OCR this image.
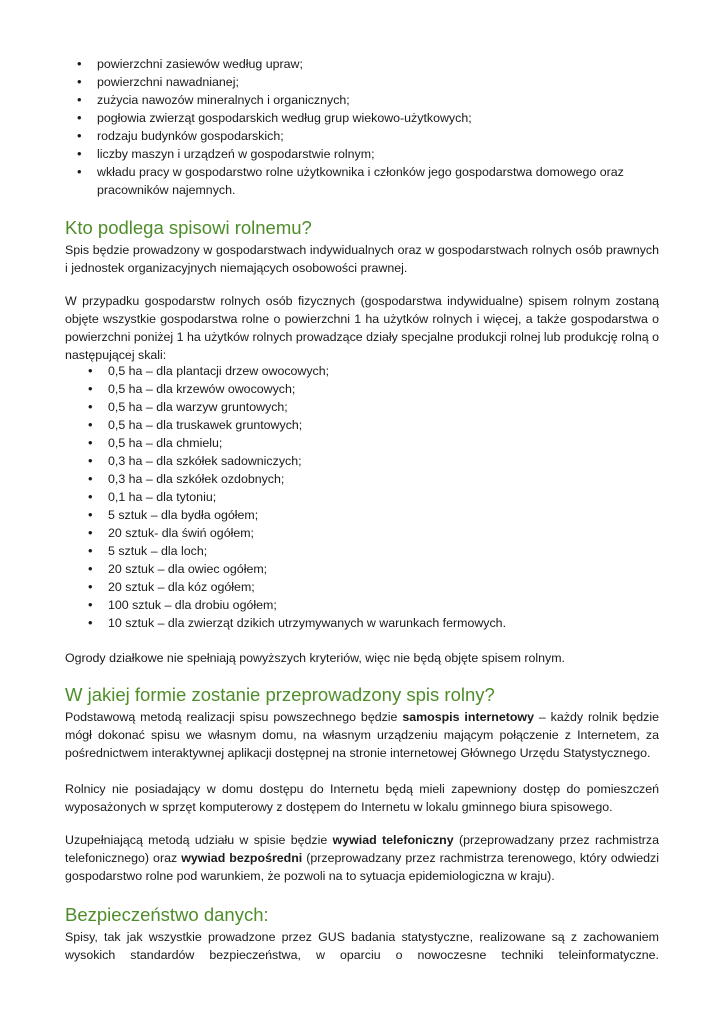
• powierzchni zasiewów według upraw;
• powierzchni nawadnianej;
• zużycia nawozów mineralnych i organicznych;
• pogłowia zwierząt gospodarskich według grup wiekowo-użytkowych;
• rodzaju budynków gospodarskich;
• liczby maszyn i urządzeń w gospodarstwie rolnym;
• wkładu pracy w gospodarstwo rolne użytkownika i członków jego gospodarstwa domowego oraz pracowników najemnych.
Kto podlega spisowi rolnemu?
Spis będzie prowadzony w gospodarstwach indywidualnych oraz w gospodarstwach rolnych osób prawnych i jednostek organizacyjnych niemających osobowości prawnej.
W przypadku gospodarstw rolnych osób fizycznych (gospodarstwa indywidualne) spisem rolnym zostaną objęte wszystkie gospodarstwa rolne o powierzchni 1 ha użytków rolnych i więcej, a także gospodarstwa o powierzchni poniżej 1 ha użytków rolnych prowadzące działy specjalne produkcji rolnej lub produkcję rolną o następującej skali:
• 0,5 ha – dla plantacji drzew owocowych;
• 0,5 ha – dla krzewów owocowych;
• 0,5 ha – dla warzyw gruntowych;
• 0,5 ha – dla truskawek gruntowych;
• 0,5 ha – dla chmielu;
• 0,3 ha – dla szkółek sadowniczych;
• 0,3 ha – dla szkółek ozdobnych;
• 0,1 ha – dla tytoniu;
• 5 sztuk – dla bydła ogółem;
• 20 sztuk- dla świń ogółem;
• 5 sztuk – dla loch;
• 20 sztuk – dla owiec ogółem;
• 20 sztuk – dla kóz ogółem;
• 100 sztuk – dla drobiu ogółem;
• 10 sztuk – dla zwierząt dzikich utrzymywanych w warunkach fermowych.
Ogrody działkowe nie spełniają powyższych kryteriów, więc nie będą objęte spisem rolnym.
W jakiej formie zostanie przeprowadzony spis rolny?
Podstawową metodą realizacji spisu powszechnego będzie samospis internetowy – każdy rolnik będzie mógł dokonać spisu we własnym domu, na własnym urządzeniu mającym połączenie z Internetem, za pośrednictwem interaktywnej aplikacji dostępnej na stronie internetowej Głównego Urzędu Statystycznego.
Rolnicy nie posiadający w domu dostępu do Internetu będą mieli zapewniony dostęp do pomieszczeń wyposażonych w sprzęt komputerowy z dostępem do Internetu w lokalu gminnego biura spisowego.
Uzupełniającą metodą udziału w spisie będzie wywiad telefoniczny (przeprowadzany przez rachmistrza telefonicznego) oraz wywiad bezpośredni (przeprowadzany przez rachmistrza terenowego, który odwiedzi gospodarstwo rolne pod warunkiem, że pozwoli na to sytuacja epidemiologiczna w kraju).
Bezpieczeństwo danych:
Spisy, tak jak wszystkie prowadzone przez GUS badania statystyczne, realizowane są z zachowaniem wysokich standardów bezpieczeństwa, w oparciu o nowoczesne techniki teleinformatyczne.
